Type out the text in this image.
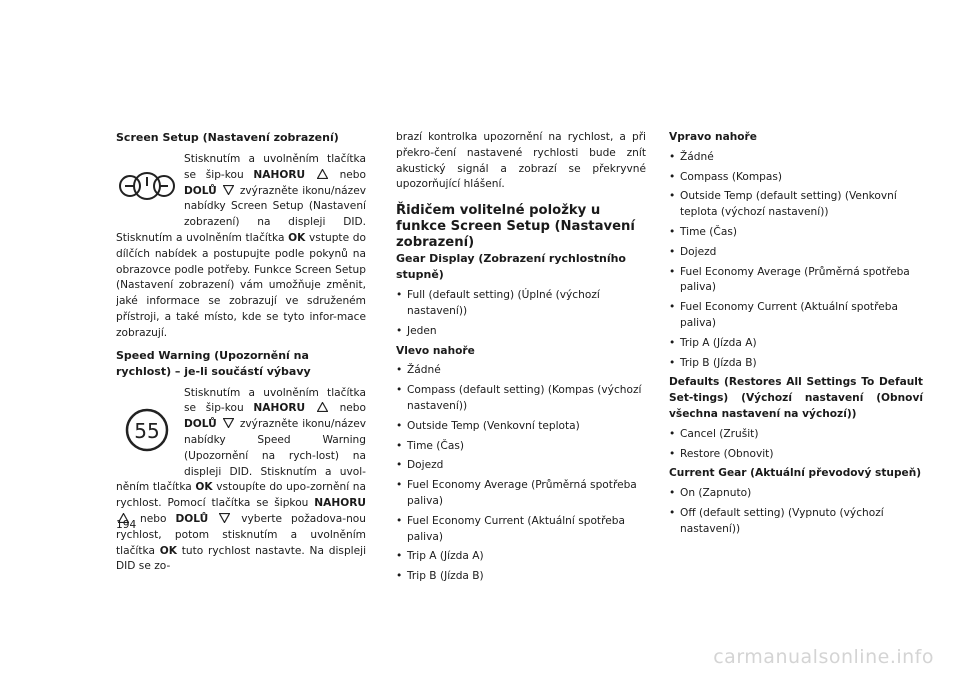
Screen Setup (Nastavení zobrazení)

Stisknutím a uvolněním tlačítka se šip-kou NAHORU	nebo DOLŮ zvýrazněte ikonu/název nabídky Screen Setup (Nastavení zobrazení) na displeji DID. Stisknutím a uvolněním tlačítka OK vstupte do dílčích nabídek a postupujte podle pokynů na obrazovce podle potřeby. Funkce Screen Setup (Nastavení zobrazení) vám umožňuje změnit, jaké informace se zobrazují ve sdruženém přístroji, a také místo, kde se tyto infor-mace zobrazují.

Speed Warning (Upozornění na rychlost) – je-li součástí výbavy
55

Stisknutím a uvolněním tlačítka se šip-kou NAHORU	nebo DOLŮ zvýrazněte ikonu/název nabídky Speed Warning (Upozornění na rych-lost) na displeji DID. Stisknutím a uvol-něním tlačítka OK vstoupíte do upo-zornění na rychlost. Pomocí tlačítka se šipkou NAHORU  nebo DOLŮ	vyberte požadova-nou rychlost, potom stisknutím a uvolněním tlačítka OK tuto rychlost nastavte. Na displeji DID se zo-

194

brazí kontrolka upozornění na rychlost, a při překro-čení nastavené rychlosti bude znít akustický signál a zobrazí se překryvné upozorňující hlášení.

Řidičem volitelné položky u funkce Screen Setup (Nastavení zobrazení)
Gear Display (Zobrazení rychlostního stupně)
• Full (default setting) (Úplné (výchozí nastavení))
• Jeden
Vlevo nahoře
• Žádné
• Compass (default setting) (Kompas (výchozí nastavení))
• Outside Temp (Venkovní teplota)
• Time (Čas)
• Dojezd
• Fuel Economy Average (Průměrná spotřeba paliva)
• Fuel Economy Current (Aktuální spotřeba paliva)
• Trip A (Jízda A)
• Trip B (Jízda B)
Vpravo nahoře
• Žádné
• Compass (Kompas)
• Outside Temp (default setting) (Venkovní teplota (výchozí nastavení))
• Time (Čas)
• Dojezd
• Fuel Economy Average (Průměrná spotřeba paliva)
• Fuel Economy Current (Aktuální spotřeba paliva)
• Trip A (Jízda A)
• Trip B (Jízda B)
Defaults (Restores All Settings To Default Set-tings) (Výchozí nastavení (Obnoví všechna nastavení na výchozí))
• Cancel (Zrušit)
• Restore (Obnovit)
Current Gear (Aktuální převodový stupeň)
• On (Zapnuto)
• Off (default setting) (Vypnuto (výchozí nastavení))
carmanualsonline.info
